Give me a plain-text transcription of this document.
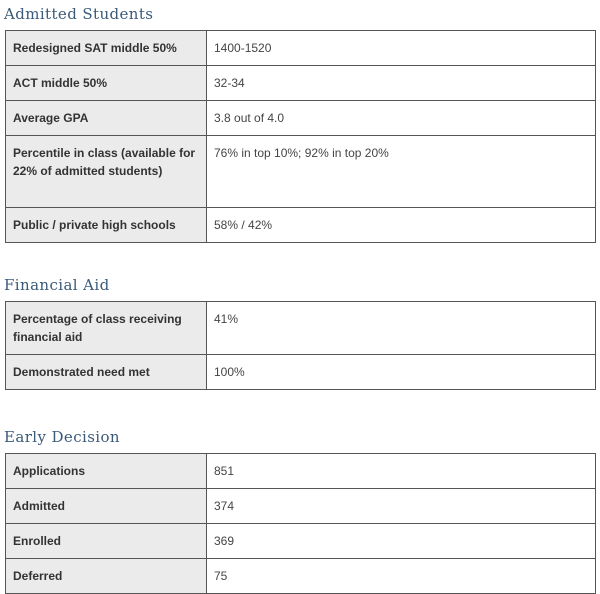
Admitted Students
Redesigned SAT middle 50%	1400-1520
ACT middle 50%	32-34
Average GPA	3.8 out of 4.0
Percentile in class (available for 22% of admitted students)	76% in top 10%; 92% in top 20%
Public / private high schools	58% / 42%
Financial Aid
Percentage of class receiving financial aid	41%
Demonstrated need met	100%
Early Decision
Applications	851
Admitted	374
Enrolled	369
Deferred	75
